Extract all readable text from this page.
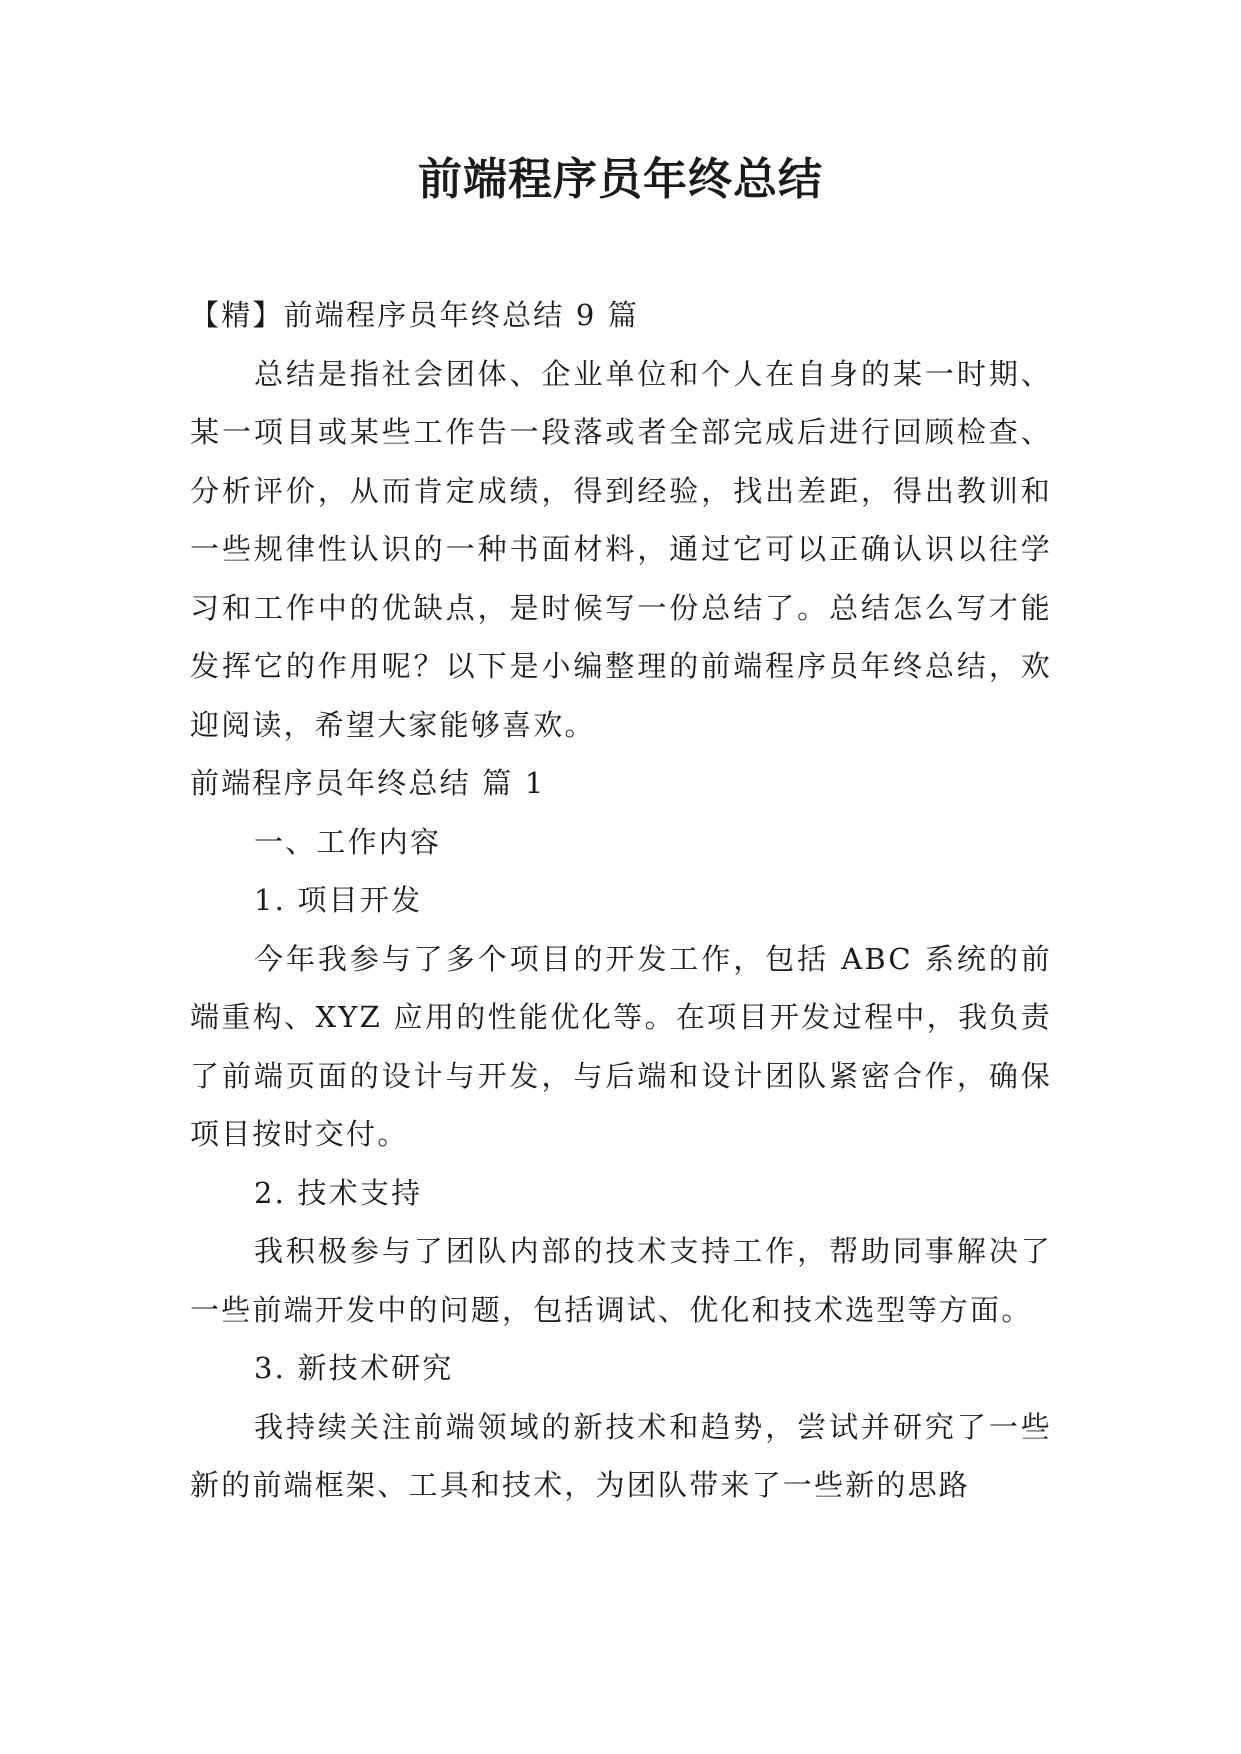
前端程序员年终总结

【精】前端程序员年终总结 9 篇

总结是指社会团体、企业单位和个人在自身的某一时期、某一项目或某些工作告一段落或者全部完成后进行回顾检查、分析评价，从而肯定成绩，得到经验，找出差距，得出教训和一些规律性认识的一种书面材料，通过它可以正确认识以往学习和工作中的优缺点，是时候写一份总结了。总结怎么写才能发挥它的作用呢？以下是小编整理的前端程序员年终总结，欢迎阅读，希望大家能够喜欢。

前端程序员年终总结 篇 1

一、工作内容

1. 项目开发

今年我参与了多个项目的开发工作，包括 ABC 系统的前端重构、XYZ 应用的性能优化等。在项目开发过程中，我负责了前端页面的设计与开发，与后端和设计团队紧密合作，确保项目按时交付。

2. 技术支持

我积极参与了团队内部的技术支持工作，帮助同事解决了一些前端开发中的问题，包括调试、优化和技术选型等方面。

3. 新技术研究

我持续关注前端领域的新技术和趋势，尝试并研究了一些新的前端框架、工具和技术，为团队带来了一些新的思路
